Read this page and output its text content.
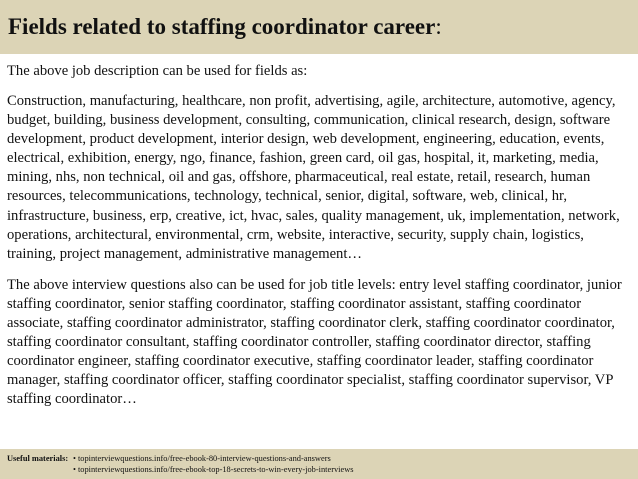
Fields related to staffing coordinator career:

The above job description can be used for fields as:

Construction, manufacturing, healthcare, non profit, advertising, agile, architecture, automotive, agency, budget, building, business development, consulting, communication, clinical research, design, software development, product development, interior design, web development, engineering, education, events, electrical, exhibition, energy, ngo, finance, fashion, green card, oil gas, hospital, it, marketing, media, mining, nhs, non technical, oil and gas, offshore, pharmaceutical, real estate, retail, research, human resources, telecommunications, technology, technical, senior, digital, software, web, clinical, hr, infrastructure, business, erp, creative, ict, hvac, sales, quality management, uk, implementation, network, operations, architectural, environmental, crm, website, interactive, security, supply chain, logistics, training, project management, administrative management…

The above interview questions also can be used for job title levels: entry level staffing coordinator, junior staffing coordinator, senior staffing coordinator, staffing coordinator assistant, staffing coordinator associate, staffing coordinator administrator, staffing coordinator clerk, staffing coordinator coordinator, staffing coordinator consultant, staffing coordinator controller, staffing coordinator director, staffing coordinator engineer, staffing coordinator executive, staffing coordinator leader, staffing coordinator manager, staffing coordinator officer, staffing coordinator specialist, staffing coordinator supervisor, VP staffing coordinator…

Useful materials: • topinterviewquestions.info/free-ebook-80-interview-questions-and-answers
• topinterviewquestions.info/free-ebook-top-18-secrets-to-win-every-job-interviews
